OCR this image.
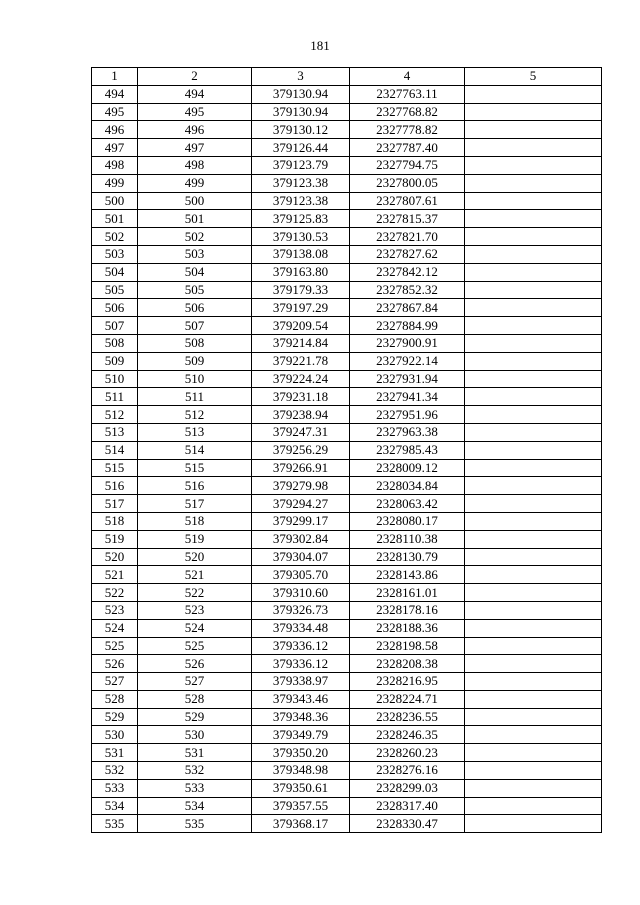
181
1	2	3	4	5
494	494	379130.94	2327763.11	
495	495	379130.94	2327768.82	
496	496	379130.12	2327778.82	
497	497	379126.44	2327787.40	
498	498	379123.79	2327794.75	
499	499	379123.38	2327800.05	
500	500	379123.38	2327807.61	
501	501	379125.83	2327815.37	
502	502	379130.53	2327821.70	
503	503	379138.08	2327827.62	
504	504	379163.80	2327842.12	
505	505	379179.33	2327852.32	
506	506	379197.29	2327867.84	
507	507	379209.54	2327884.99	
508	508	379214.84	2327900.91	
509	509	379221.78	2327922.14	
510	510	379224.24	2327931.94	
511	511	379231.18	2327941.34	
512	512	379238.94	2327951.96	
513	513	379247.31	2327963.38	
514	514	379256.29	2327985.43	
515	515	379266.91	2328009.12	
516	516	379279.98	2328034.84	
517	517	379294.27	2328063.42	
518	518	379299.17	2328080.17	
519	519	379302.84	2328110.38	
520	520	379304.07	2328130.79	
521	521	379305.70	2328143.86	
522	522	379310.60	2328161.01	
523	523	379326.73	2328178.16	
524	524	379334.48	2328188.36	
525	525	379336.12	2328198.58	
526	526	379336.12	2328208.38	
527	527	379338.97	2328216.95	
528	528	379343.46	2328224.71	
529	529	379348.36	2328236.55	
530	530	379349.79	2328246.35	
531	531	379350.20	2328260.23	
532	532	379348.98	2328276.16	
533	533	379350.61	2328299.03	
534	534	379357.55	2328317.40	
535	535	379368.17	2328330.47	
